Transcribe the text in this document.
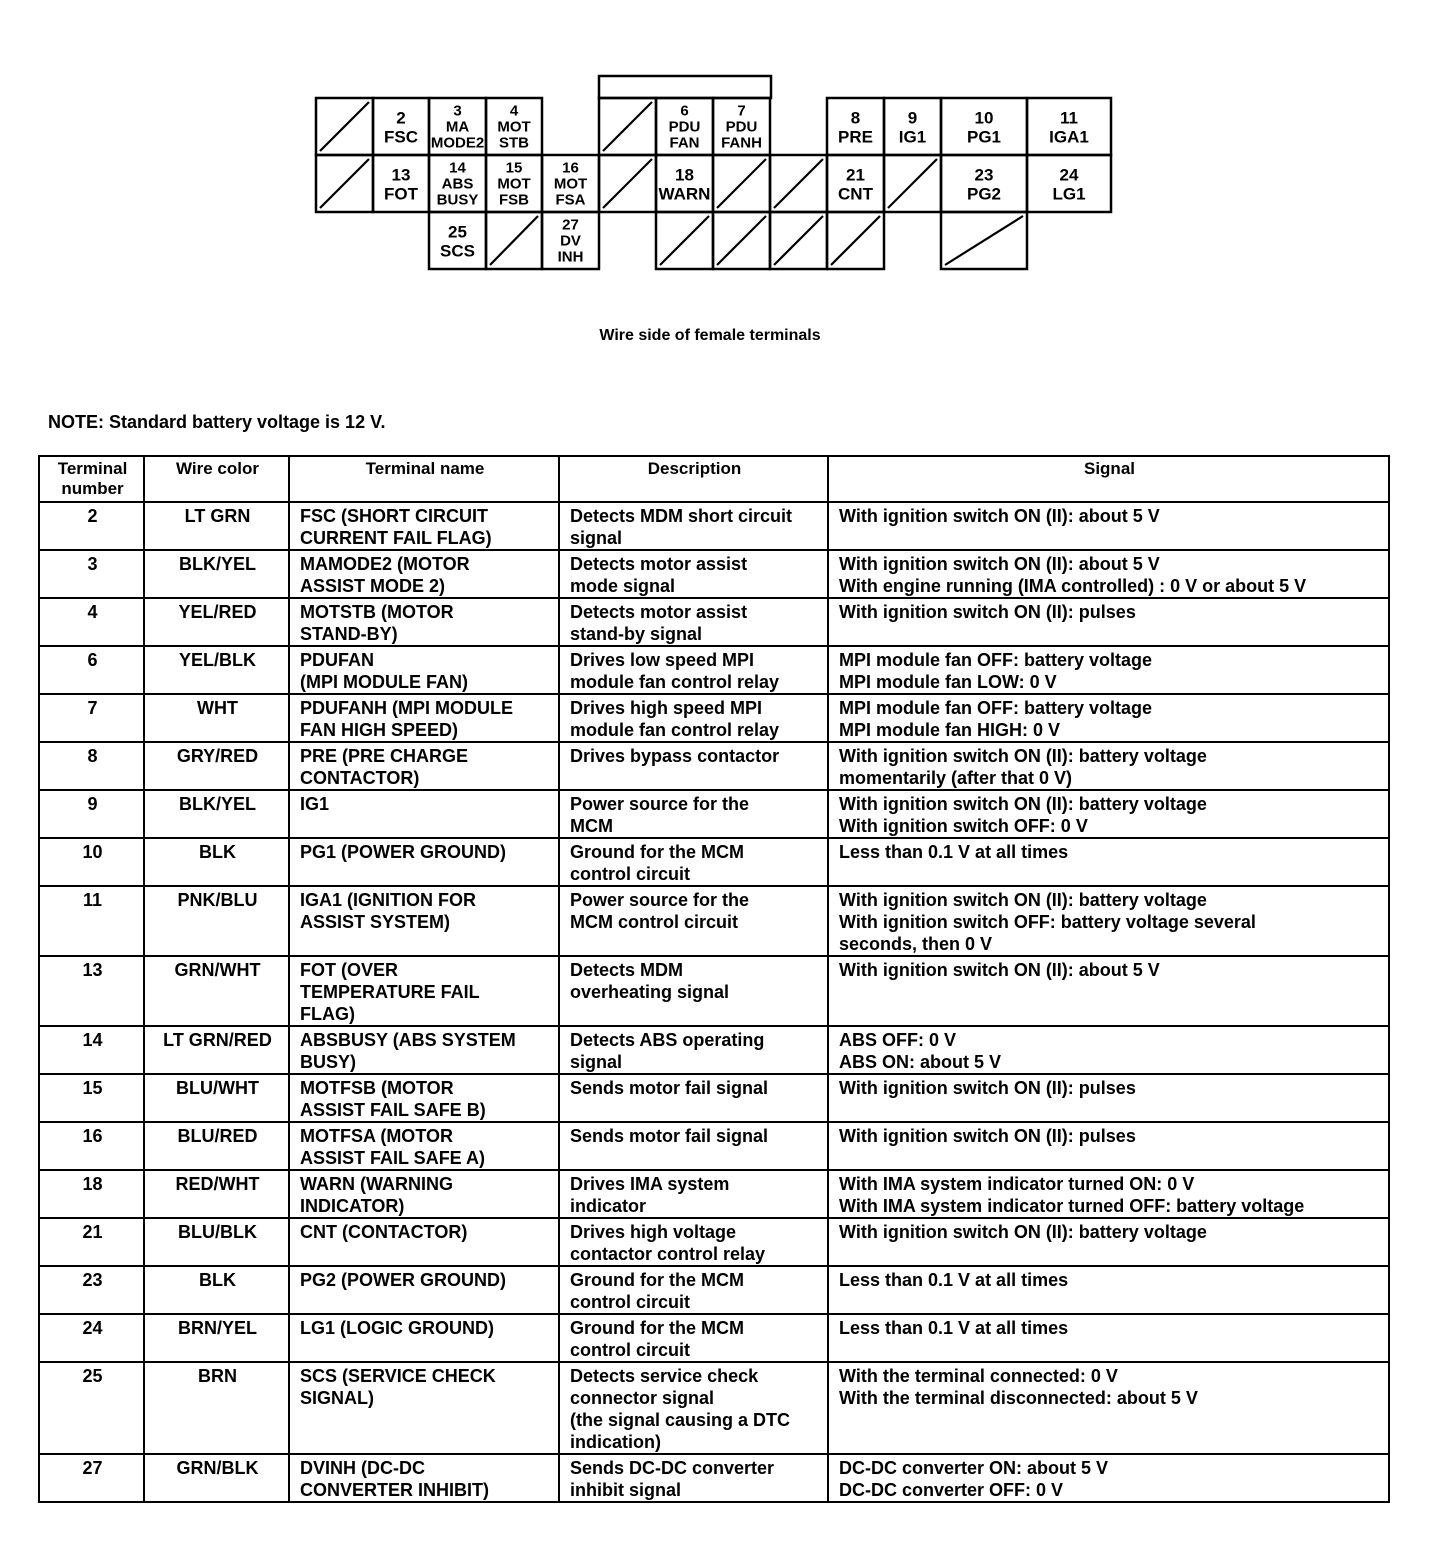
2
FSC
3
MA
MODE2
4
MOT
STB
6
PDU
FAN
7
PDU
FANH
8
PRE
9
IG1
10
PG1
11
IGA1
13
FOT
14
ABS
BUSY
15
MOT
FSB
16
MOT
FSA
18
WARN
21
CNT
23
PG2
24
LG1
25
SCS
27
DV
INH
Wire side of female terminals
NOTE: Standard battery voltage is 12 V.
Terminal
number	Wire color	Terminal name	Description	Signal
2	LT GRN	FSC (SHORT CIRCUIT
CURRENT FAIL FLAG)	Detects MDM short circuit
signal	With ignition switch ON (II): about 5 V
3	BLK/YEL	MAMODE2 (MOTOR
ASSIST MODE 2)	Detects motor assist
mode signal	With ignition switch ON (II): about 5 V
With engine running (IMA controlled) : 0 V or about 5 V
4	YEL/RED	MOTSTB (MOTOR
STAND-BY)	Detects motor assist
stand-by signal	With ignition switch ON (II): pulses
6	YEL/BLK	PDUFAN
(MPI MODULE FAN)	Drives low speed MPI
module fan control relay	MPI module fan OFF: battery voltage
MPI module fan LOW: 0 V
7	WHT	PDUFANH (MPI MODULE
FAN HIGH SPEED)	Drives high speed MPI
module fan control relay	MPI module fan OFF: battery voltage
MPI module fan HIGH: 0 V
8	GRY/RED	PRE (PRE CHARGE
CONTACTOR)	Drives bypass contactor	With ignition switch ON (II): battery voltage
momentarily (after that 0 V)
9	BLK/YEL	IG1	Power source for the
MCM	With ignition switch ON (II): battery voltage
With ignition switch OFF: 0 V
10	BLK	PG1 (POWER GROUND)	Ground for the MCM
control circuit	Less than 0.1 V at all times
11	PNK/BLU	IGA1 (IGNITION FOR
ASSIST SYSTEM)	Power source for the
MCM control circuit	With ignition switch ON (II): battery voltage
With ignition switch OFF: battery voltage several
seconds, then 0 V
13	GRN/WHT	FOT (OVER
TEMPERATURE FAIL
FLAG)	Detects MDM
overheating signal	With ignition switch ON (II): about 5 V
14	LT GRN/RED	ABSBUSY (ABS SYSTEM
BUSY)	Detects ABS operating
signal	ABS OFF: 0 V
ABS ON: about 5 V
15	BLU/WHT	MOTFSB (MOTOR
ASSIST FAIL SAFE B)	Sends motor fail signal	With ignition switch ON (II): pulses
16	BLU/RED	MOTFSA (MOTOR
ASSIST FAIL SAFE A)	Sends motor fail signal	With ignition switch ON (II): pulses
18	RED/WHT	WARN (WARNING
INDICATOR)	Drives IMA system
indicator	With IMA system indicator turned ON: 0 V
With IMA system indicator turned OFF: battery voltage
21	BLU/BLK	CNT (CONTACTOR)	Drives high voltage
contactor control relay	With ignition switch ON (II): battery voltage
23	BLK	PG2 (POWER GROUND)	Ground for the MCM
control circuit	Less than 0.1 V at all times
24	BRN/YEL	LG1 (LOGIC GROUND)	Ground for the MCM
control circuit	Less than 0.1 V at all times
25	BRN	SCS (SERVICE CHECK
SIGNAL)	Detects service check
connector signal
(the signal causing a DTC
indication)	With the terminal connected: 0 V
With the terminal disconnected: about 5 V
27	GRN/BLK	DVINH (DC-DC
CONVERTER INHIBIT)	Sends DC-DC converter
inhibit signal	DC-DC converter ON: about 5 V
DC-DC converter OFF: 0 V
